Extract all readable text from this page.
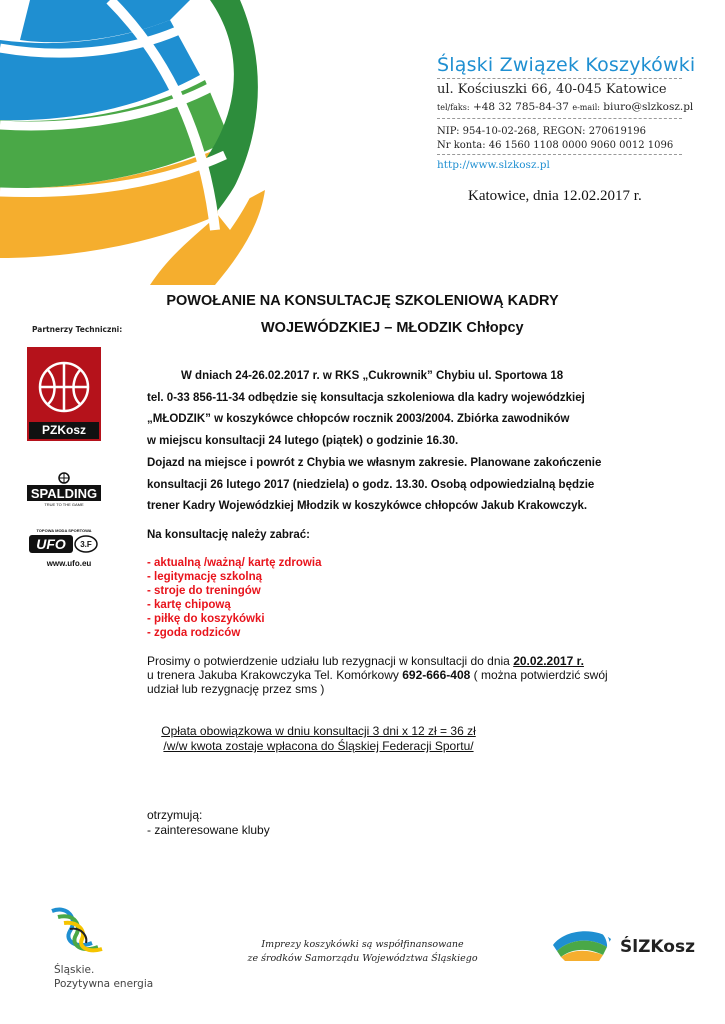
Śląski Związek Koszykówki
ul. Kościuszki 66, 40-045 Katowice
tel/faks: +48 32 785-84-37 e-mail: biuro@slzkosz.pl
NIP: 954-10-02-268, REGON: 270619196
Nr konta: 46 1560 1108 0000 9060 0012 1096
http://www.slzkosz.pl
Katowice, dnia 12.02.2017 r.
POWOŁANIE NA KONSULTACJĘ SZKOLENIOWĄ KADRY
WOJEWÓDZKIEJ – MŁODZIK Chłopcy
Partnerzy Techniczni:
PZKosz
SPALDING
TRUE TO THE GAME
TOPOWA MODA SPORTOWA
UFO 3.F
www.ufo.eu
W dniach 24-26.02.2017 r. w RKS „Cukrownik” Chybiu ul. Sportowa 18
tel. 0-33 856-11-34 odbędzie się konsultacja szkoleniowa dla kadry wojewódzkiej
„MŁODZIK” w koszykówce chłopców rocznik 2003/2004. Zbiórka zawodników
w miejscu konsultacji 24 lutego (piątek) o godzinie 16.30.
Dojazd na miejsce i powrót z Chybia we własnym zakresie. Planowane zakończenie
konsultacji 26 lutego 2017 (niedziela) o godz. 13.30. Osobą odpowiedzialną będzie
trener Kadry Wojewódzkiej Młodzik w koszykówce chłopców Jakub Krakowczyk.
Na konsultację należy zabrać:
- aktualną /ważną/ kartę zdrowia
- legitymację szkolną
- stroje do treningów
- kartę chipową
- piłkę do koszykówki
- zgoda rodziców
Prosimy o potwierdzenie udziału lub rezygnacji w konsultacji do dnia 20.02.2017 r.
u trenera Jakuba Krakowczyka Tel. Komórkowy 692-666-408 ( można potwierdzić swój
udział lub rezygnację przez sms )
Opłata obowiązkowa w dniu konsultacji 3 dni x 12 zł = 36 zł
/w/w kwota zostaje wpłacona do Śląskiej Federacji Sportu/
otrzymują:
- zainteresowane kluby
Śląskie.
Pozytywna energia
Imprezy koszykówki są współfinansowane
ze środków Samorządu Województwa Śląskiego
ŚlZKosz
